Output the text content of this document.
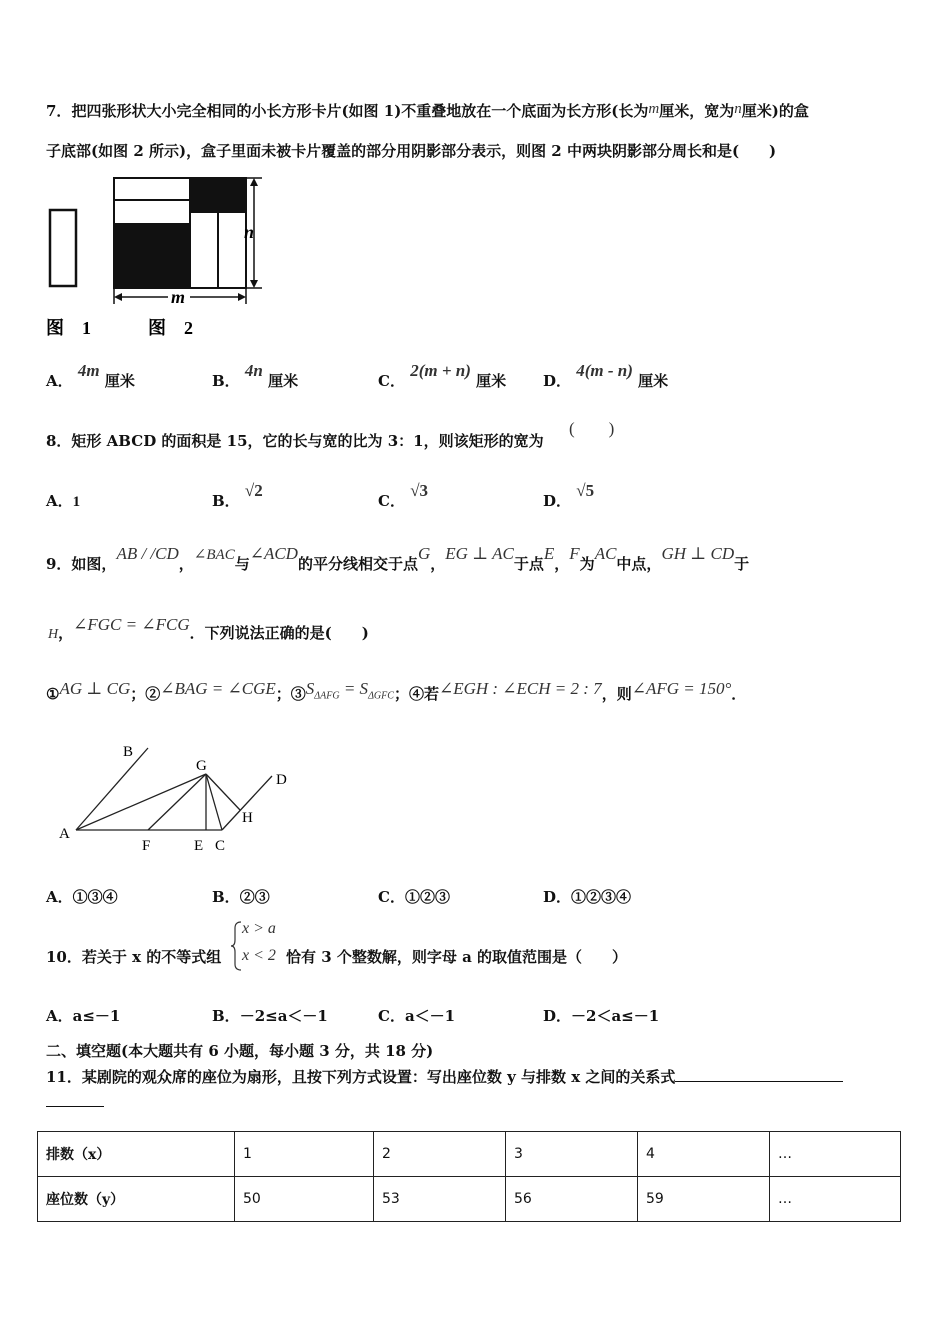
7．把四张形状大小完全相同的小长方形卡片(如图 1)不重叠地放在一个底面为长方形(长为m厘米，宽为n厘米)的盒
子底部(如图 2 所示)，盒子里面未被卡片覆盖的部分用阴影部分表示，则图 2 中两块阴影部分周长和是(　　)
n
m
图　1	图　2
A． 4m 厘米	B． 4n 厘米	C． 2(m + n) 厘米 D． 4(m - n) 厘米
8．矩形 ABCD 的面积是 15，它的长与宽的比为 3：1，则该矩形的宽为
(　　)
A．1	B． √2
C． √3
D． √5
9．如图，AB / /CD，∠BAC与∠ACD的平分线相交于点G，EG ⊥ AC于点E，F为AC中点，GH ⊥ CD于
H，∠FGC = ∠FCG．下列说法正确的是(　　)
①AG ⊥ CG；②∠BAG = ∠CGE；$③S_{\Delta AFG} = S_{\Delta GFC}$；④若∠EGH : ∠ECH = 2 : 7，则∠AFG = 150°．
A
B
G
D
H
F	E C
A．①③④	B．②③	C．①②③	D．①②③④
10．若关于 x 的不等式组
x > a
x < 2 恰有 3 个整数解，则字母 a 的取值范围是（　　）
A．a≤－1	B．－2≤a＜－1	C．a＜－1	D．－2＜a≤－1
二、填空题(本大题共有 6 小题，每小题 3 分，共 18 分)
11．某剧院的观众席的座位为扇形，且按下列方式设置：写出座位数 y 与排数 x 之间的关系式
排数（x）	1	2	3	4	…
座位数（y）	50	53	56	59	…
